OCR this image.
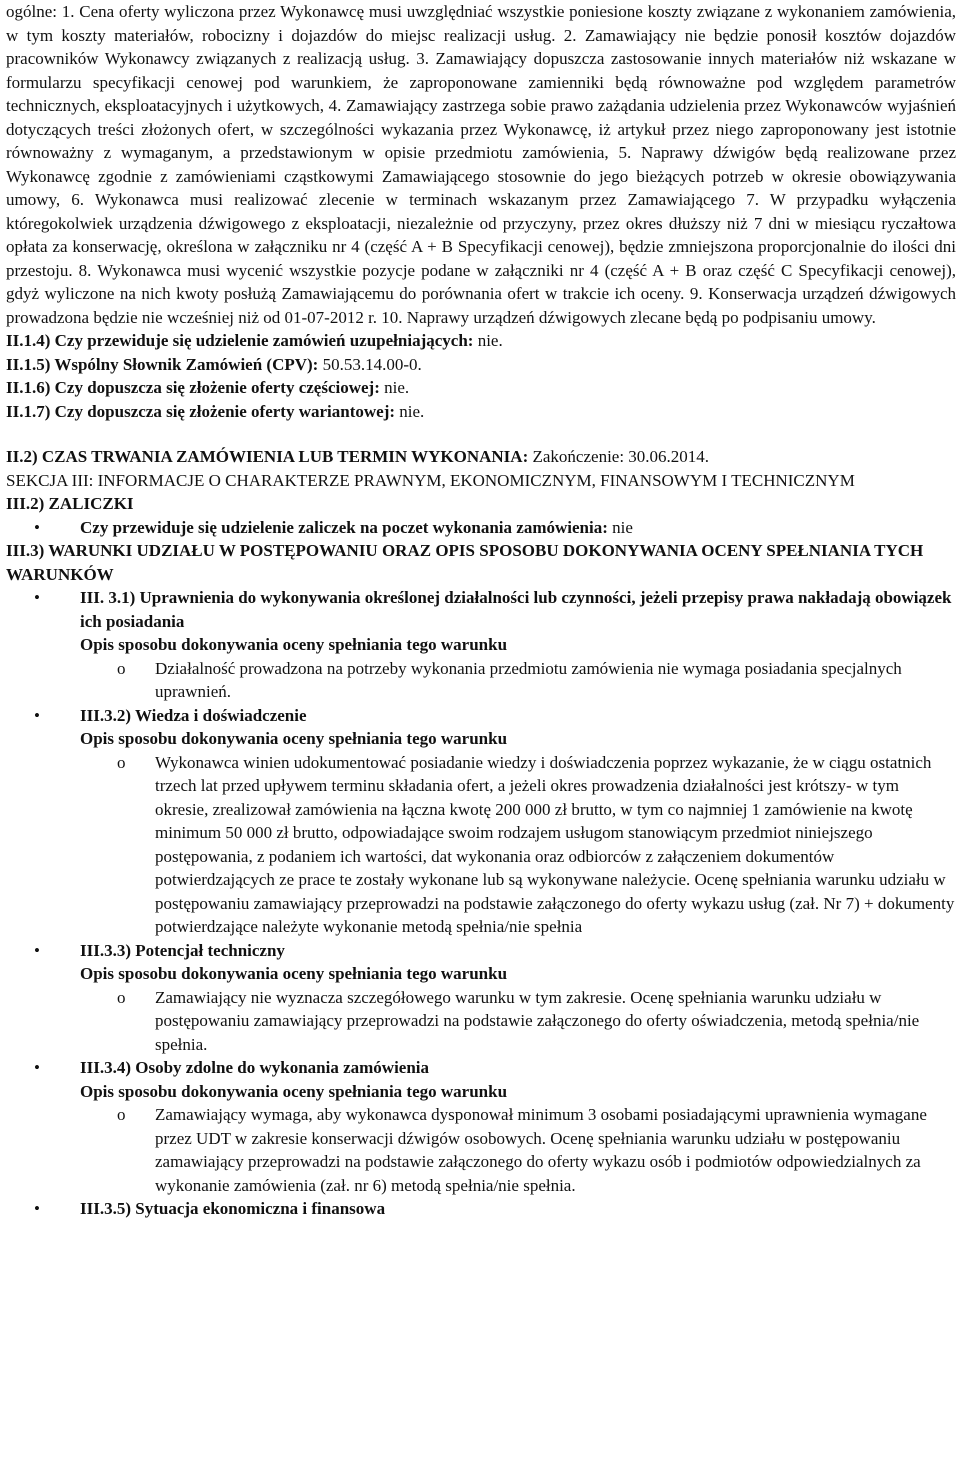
ogólne: 1. Cena oferty wyliczona przez Wykonawcę musi uwzględniać wszystkie poniesione koszty związane z wykonaniem zamówienia, w tym koszty materiałów, robocizny i dojazdów do miejsc realizacji usług. 2. Zamawiający nie będzie ponosił kosztów dojazdów pracowników Wykonawcy związanych z realizacją usług. 3. Zamawiający dopuszcza zastosowanie innych materiałów niż wskazane w formularzu specyfikacji cenowej pod warunkiem, że zaproponowane zamienniki będą równoważne pod względem parametrów technicznych, eksploatacyjnych i użytkowych, 4. Zamawiający zastrzega sobie prawo zażądania udzielenia przez Wykonawców wyjaśnień dotyczących treści złożonych ofert, w szczególności wykazania przez Wykonawcę, iż artykuł przez niego zaproponowany jest istotnie równoważny z wymaganym, a przedstawionym w opisie przedmiotu zamówienia, 5. Naprawy dźwigów będą realizowane przez Wykonawcę zgodnie z zamówieniami cząstkowymi Zamawiającego stosownie do jego bieżących potrzeb w okresie obowiązywania umowy, 6. Wykonawca musi realizować zlecenie w terminach wskazanym przez Zamawiającego 7. W przypadku wyłączenia któregokolwiek urządzenia dźwigowego z eksploatacji, niezależnie od przyczyny, przez okres dłuższy niż 7 dni w miesiącu ryczałtowa opłata za konserwację, określona w załączniku nr 4 (część A + B Specyfikacji cenowej), będzie zmniejszona proporcjonalnie do ilości dni przestoju. 8. Wykonawca musi wycenić wszystkie pozycje podane w załączniki nr 4 (część A + B oraz część C Specyfikacji cenowej), gdyż wyliczone na nich kwoty posłużą Zamawiającemu do porównania ofert w trakcie ich oceny. 9. Konserwacja urządzeń dźwigowych prowadzona będzie nie wcześniej niż od 01-07-2012 r. 10. Naprawy urządzeń dźwigowych zlecane będą po podpisaniu umowy.

II.1.4) Czy przewiduje się udzielenie zamówień uzupełniających: nie.

II.1.5) Wspólny Słownik Zamówień (CPV): 50.53.14.00-0.

II.1.6) Czy dopuszcza się złożenie oferty częściowej: nie.

II.1.7) Czy dopuszcza się złożenie oferty wariantowej: nie.

II.2) CZAS TRWANIA ZAMÓWIENIA LUB TERMIN WYKONANIA: Zakończenie: 30.06.2014.

SEKCJA III: INFORMACJE O CHARAKTERZE PRAWNYM, EKONOMICZNYM, FINANSOWYM I TECHNICZNYM

III.2) ZALICZKI

• Czy przewiduje się udzielenie zaliczek na poczet wykonania zamówienia: nie

III.3) WARUNKI UDZIAŁU W POSTĘPOWANIU ORAZ OPIS SPOSOBU DOKONYWANIA OCENY SPEŁNIANIA TYCH WARUNKÓW

• III. 3.1) Uprawnienia do wykonywania określonej działalności lub czynności, jeżeli przepisy prawa nakładają obowiązek ich posiadania

Opis sposobu dokonywania oceny spełniania tego warunku

o	Działalność prowadzona na potrzeby wykonania przedmiotu zamówienia nie wymaga posiadania specjalnych uprawnień.

• III.3.2) Wiedza i doświadczenie

Opis sposobu dokonywania oceny spełniania tego warunku

o	Wykonawca winien udokumentować posiadanie wiedzy i doświadczenia poprzez wykazanie, że w ciągu ostatnich trzech lat przed upływem terminu składania ofert, a jeżeli okres prowadzenia działalności jest krótszy- w tym okresie, zrealizował zamówienia na łączna kwotę 200 000 zł brutto, w tym co najmniej 1 zamówienie na kwotę minimum 50 000 zł brutto, odpowiadające swoim rodzajem usługom stanowiącym przedmiot niniejszego postępowania, z podaniem ich wartości, dat wykonania oraz odbiorców z załączeniem dokumentów potwierdzających ze prace te zostały wykonane lub są wykonywane należycie. Ocenę spełniania warunku udziału w postępowaniu zamawiający przeprowadzi na podstawie załączonego do oferty wykazu usług (zał. Nr 7) + dokumenty potwierdzające należyte wykonanie metodą spełnia/nie spełnia

• III.3.3) Potencjał techniczny

Opis sposobu dokonywania oceny spełniania tego warunku

o	Zamawiający nie wyznacza szczegółowego warunku w tym zakresie. Ocenę spełniania warunku udziału w postępowaniu zamawiający przeprowadzi na podstawie załączonego do oferty oświadczenia, metodą spełnia/nie spełnia.

• III.3.4) Osoby zdolne do wykonania zamówienia

Opis sposobu dokonywania oceny spełniania tego warunku

o	Zamawiający wymaga, aby wykonawca dysponował minimum 3 osobami posiadającymi uprawnienia wymagane przez UDT w zakresie konserwacji dźwigów osobowych. Ocenę spełniania warunku udziału w postępowaniu zamawiający przeprowadzi na podstawie załączonego do oferty wykazu osób i podmiotów odpowiedzialnych za wykonanie zamówienia (zał. nr 6) metodą spełnia/nie spełnia.

• III.3.5) Sytuacja ekonomiczna i finansowa
